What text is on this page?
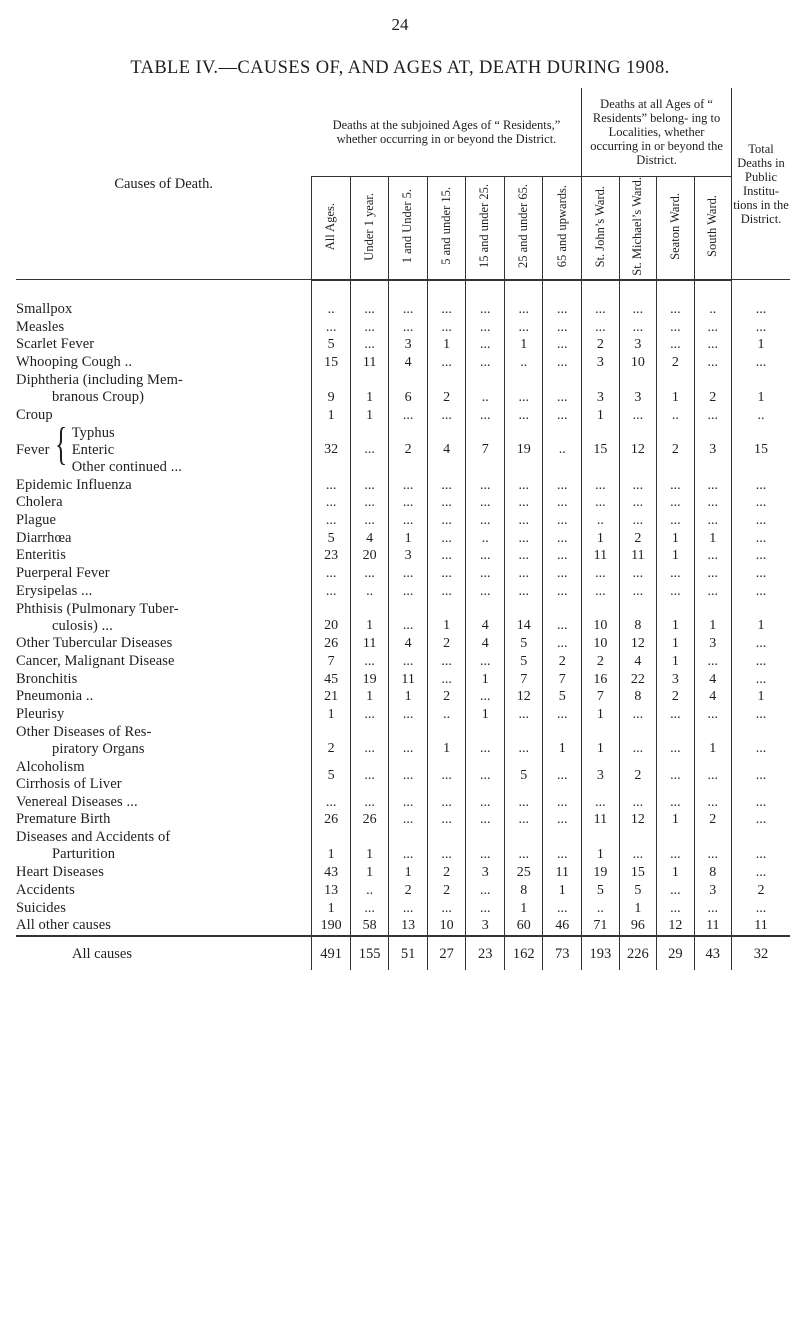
24
TABLE IV.—CAUSES OF, AND AGES AT, DEATH DURING 1908.
Causes of Death.	Deaths at the subjoined Ages of “ Residents,” whether occurring in or beyond the District.							Deaths at all Ages of “ Residents” belong- ing to Localities, whether occurring in or beyond the District.				Total Deaths in Public Institu- tions in the District.
	All Ages.	Under 1 year.	1 and Under 5.	5 and under 15.	15 and under 25.	25 and under 65.	65 and upwards.	St. John’s Ward.	St. Michael’s Ward.	Seaton Ward.	South Ward.	

Smallpox	..	...	...	...	...	...	...	...	...	...	..	...
Measles	...	...	...	...	...	...	...	...	...	...	...	...
Scarlet Fever	5	...	3	1	...	1	...	2	3	...	...	1
Whooping Cough ..	15	11	4	...	...	..	...	3	10	2	...	...

Diphtheria (including Mem-
branous Croup)	9	1	6	2	..	...	...	3	3	1	2	1
Croup	1	1	...	...	...	...	...	1	...	..	...	..
Fever { Typhus
Enteric
Other continued ...	32	...	2	4	7	19	..	15	12	2	3	15
Epidemic Influenza	...	...	...	...	...	...	...	...	...	...	...	...
Cholera	...	...	...	...	...	...	...	...	...	...	...	...
Plague	...	...	...	...	...	...	...	..	...	...	...	...
Diarrhœa	5	4	1	...	..	...	...	1	2	1	1	...
Enteritis	23	20	3	...	...	...	...	11	11	1	...	...
Puerperal Fever	...	...	...	...	...	...	...	...	...	...	...	...
Erysipelas ...	...	..	...	...	...	...	...	...	...	...	...	...

Phthisis (Pulmonary Tuber-
culosis) ...	20	1	...	1	4	14	...	10	8	1	1	1
Other Tubercular Diseases	26	11	4	2	4	5	...	10	12	1	3	...
Cancer, Malignant Disease	7	...	...	...	...	5	2	2	4	1	...	...
Bronchitis	45	19	11	...	1	7	7	16	22	3	4	...
Pneumonia ..	21	1	1	2	...	12	5	7	8	2	4	1
Pleurisy	1	...	...	..	1	...	...	1	...	...	...	...

Other Diseases of Res-
piratory Organs	2	...	...	1	...	...	1	1	...	...	1	...

Alcoholism
Cirrhosis of Liver	5	...	...	...	...	5	...	3	2	...	...	...
Venereal Diseases ...	...	...	...	...	...	...	...	...	...	...	...	...
Premature Birth	26	26	...	...	...	...	...	11	12	1	2	...

Diseases and Accidents of
Parturition	1	1	...	...	...	...	...	1	...	...	...	...
Heart Diseases	43	1	1	2	3	25	11	19	15	1	8	...
Accidents	13	..	2	2	...	8	1	5	5	...	3	2
Suicides	1	...	...	...	...	1	...	..	1	...	...	...
All other causes	190	58	13	10	3	60	46	71	96	12	11	11
All causes	491	155	51	27	23	162	73	193	226	29	43	32
